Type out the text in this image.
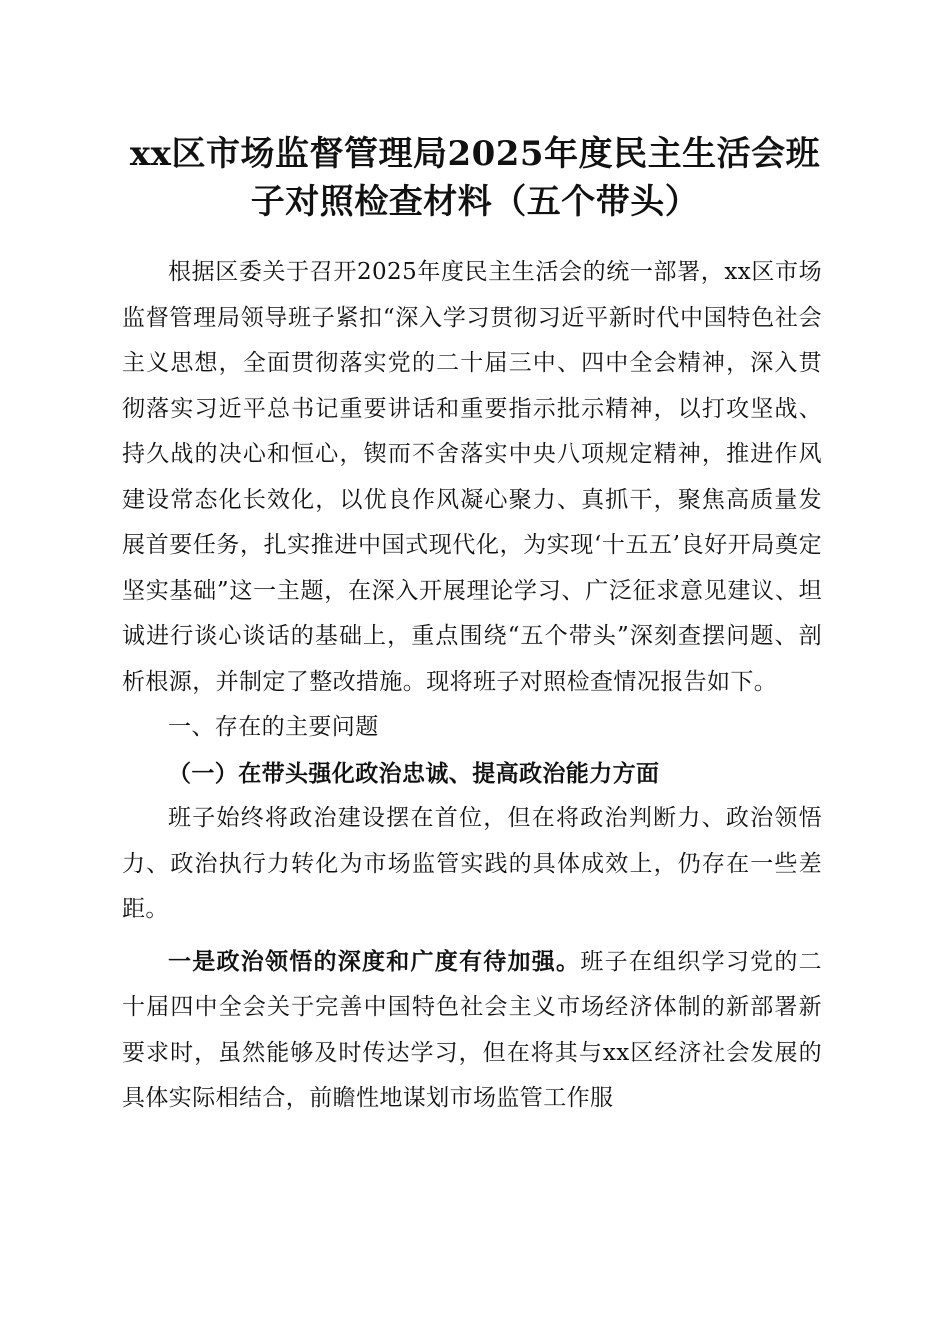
xx区市场监督管理局2025年度民主生活会班
子对照检查材料（五个带头）

根据区委关于召开2025年度民主生活会的统一部署，xx区市场监督管理局领导班子紧扣“深入学习贯彻习近平新时代中国特色社会主义思想，全面贯彻落实党的二十届三中、四中全会精神，深入贯彻落实习近平总书记重要讲话和重要指示批示精神，以打攻坚战、持久战的决心和恒心，锲而不舍落实中央八项规定精神，推进作风建设常态化长效化，以优良作风凝心聚力、真抓干，聚焦高质量发展首要任务，扎实推进中国式现代化，为实现‘十五五’良好开局奠定坚实基础”这一主题，在深入开展理论学习、广泛征求意见建议、坦诚进行谈心谈话的基础上，重点围绕“五个带头”深刻查摆问题、剖析根源，并制定了整改措施。现将班子对照检查情况报告如下。

一、存在的主要问题

（一）在带头强化政治忠诚、提高政治能力方面

班子始终将政治建设摆在首位，但在将政治判断力、政治领悟力、政治执行力转化为市场监管实践的具体成效上，仍存在一些差距。

一是政治领悟的深度和广度有待加强。班子在组织学习党的二十届四中全会关于完善中国特色社会主义市场经济体制的新部署新要求时，虽然能够及时传达学习，但在将其与xx区经济社会发展的具体实际相结合，前瞻性地谋划市场监管工作服
